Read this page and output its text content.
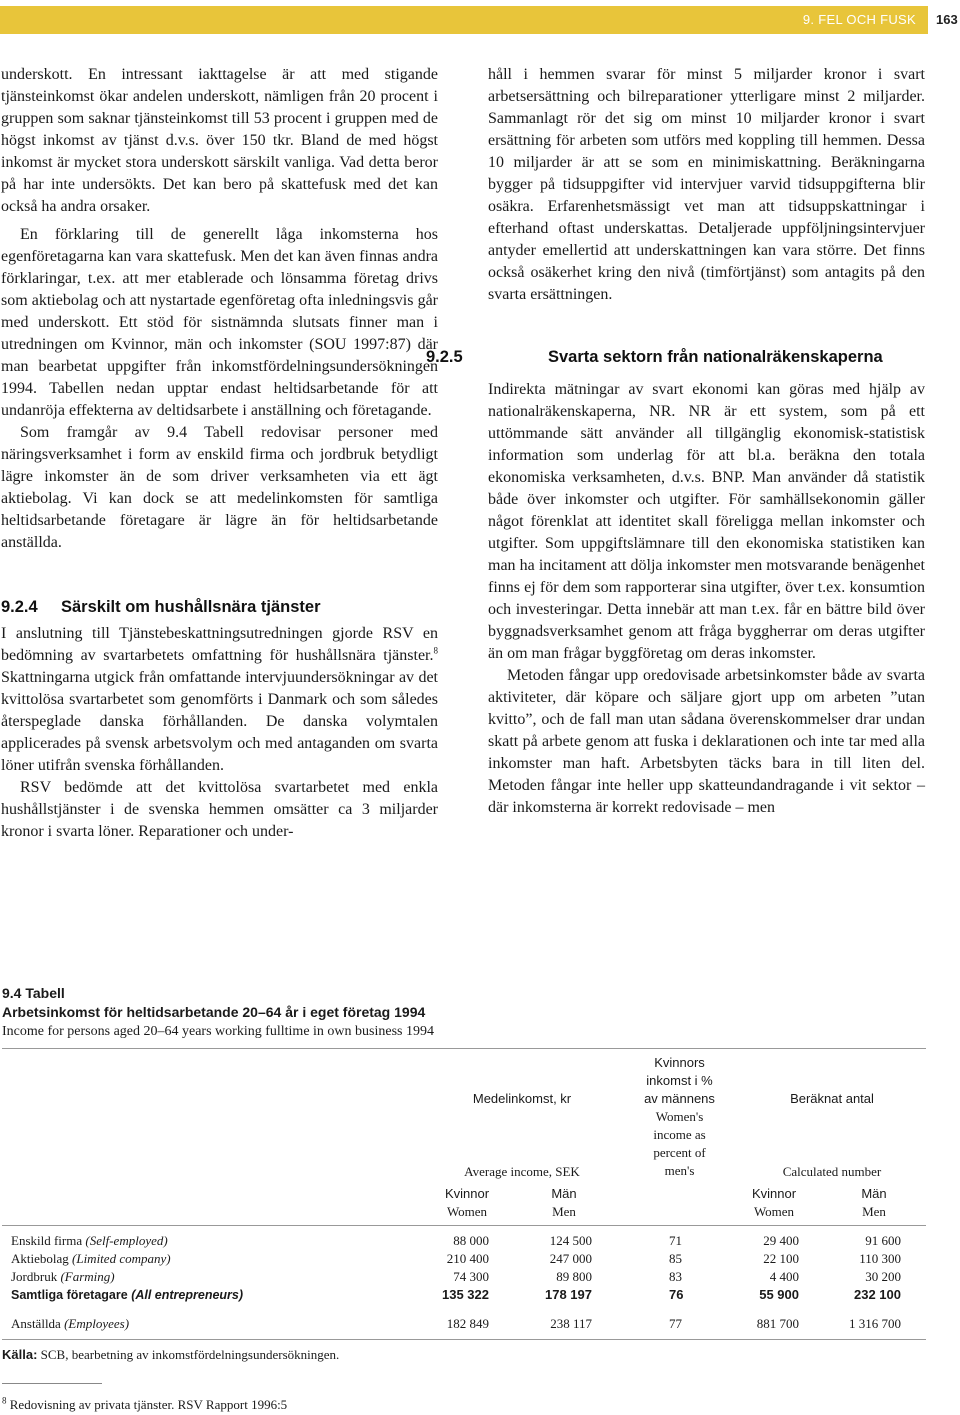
9. FEL OCH FUSK 163

underskott. En intressant iakttagelse är att med stigande tjänsteinkomst ökar andelen underskott, nämligen från 20 procent i gruppen som saknar tjänsteinkomst till 53 procent i gruppen med de högst inkomst av tjänst d.v.s. över 150 tkr. Bland de med högst inkomst är mycket stora underskott särskilt vanliga. Vad detta beror på har inte undersökts. Det kan bero på skattefusk med det kan också ha andra orsaker.

En förklaring till de generellt låga inkomsterna hos egenföretagarna kan vara skattefusk. Men det kan även finnas andra förklaringar, t.ex. att mer etablerade och lönsamma företag drivs som aktiebolag och att nystartade egenföretag ofta inledningsvis går med underskott. Ett stöd för sistnämnda slutsats finner man i utredningen om Kvinnor, män och inkomster (SOU 1997:87) där man bearbetat uppgifter från inkomstfördelningsundersökningen 1994. Tabellen nedan upptar endast heltidsarbetande för att undanröja effekterna av deltidsarbete i anställning och företagande.

Som framgår av 9.4 Tabell redovisar personer med näringsverksamhet i form av enskild firma och jordbruk betydligt lägre inkomster än de som driver verksamheten via ett ägt aktiebolag. Vi kan dock se att medelinkomsten för samtliga heltidsarbetande företagare är lägre än för heltidsarbetande anställda.

9.2.4 Särskilt om hushållsnära tjänster

I anslutning till Tjänstebeskattningsutredningen gjorde RSV en bedömning av svartarbetets omfattning för hushållsnära tjänster.$^8$ Skattningarna utgick från omfattande intervjuundersökningar av det kvittolösa svartarbetet som genomförts i Danmark och som således återspeglade danska förhållanden. De danska volymtalen applicerades på svensk arbetsvolym och med antaganden om svarta löner utifrån svenska förhållanden.

RSV bedömde att det kvittolösa svartarbetet med enkla hushållstjänster i de svenska hemmen omsätter ca 3 miljarder kronor i svarta löner. Reparationer och under-

håll i hemmen svarar för minst 5 miljarder kronor i svart arbetsersättning och bilreparationer ytterligare minst 2 miljarder. Sammanlagt rör det sig om minst 10 miljarder kronor i svart ersättning för arbeten som utförs med koppling till hemmen. Dessa 10 miljarder är att se som en minimiskattning. Beräkningarna bygger på tidsuppgifter vid intervjuer varvid tidsuppgifterna blir osäkra. Erfarenhetsmässigt vet man att tidsuppskattningar i efterhand oftast underskattas. Detaljerade uppföljningsintervjuer antyder emellertid att underskattningen kan vara större. Det finns också osäkerhet kring den nivå (timförtjänst) som antagits på den svarta ersättningen.

9.2.5	Svarta sektorn från nationalräkenskaperna

Indirekta mätningar av svart ekonomi kan göras med hjälp av nationalräkenskaperna, NR. NR är ett system, som på ett uttömmande sätt använder all tillgänglig ekonomisk-statistisk information som underlag för att bl.a. beräkna den totala ekonomiska verksamheten, d.v.s. BNP. Man använder då statistik både över inkomster och utgifter. För samhällsekonomin gäller något förenklat att identitet skall föreligga mellan inkomster och utgifter. Som uppgiftslämnare till den ekonomiska statistiken kan man ha incitament att dölja inkomster men motsvarande benägenhet finns ej för dem som rapporterar sina utgifter, över t.ex. konsumtion och investeringar. Detta innebär att man t.ex. får en bättre bild över byggnadsverksamhet genom att fråga byggherrar om deras utgifter än om man frågar byggföretag om deras inkomster.

Metoden fångar upp oredovisade arbetsinkomster både av svarta aktiviteter, där köpare och säljare gjort upp om arbeten ”utan kvitto”, och de fall man utan sådana överenskommelser drar undan skatt på arbete genom att fuska i deklarationen och inte tar med alla inkomster man haft. Arbetsbyten täcks bara in till liten del. Metoden fångar inte heller upp skatteundandragande i vit sektor – där inkomsterna är korrekt redovisade – men

9.4 Tabell
Arbetsinkomst för heltidsarbetande 20–64 år i eget företag 1994
Income for persons aged 20–64 years working fulltime in own business 1994
Medelinkomst, kr
Kvinnors
inkomst i %
av männens
Women's
income as
percent of
men's
Beräknat antal
Average income, SEK	Calculated number
Kvinnor	Män	Kvinnor	Män
Women	Men	Women	Men
Enskild firma (Self-employed)	88 000	124 500	71	29 400	91 600
Aktiebolag (Limited company)	210 400	247 000	85	22 100	110 300
Jordbruk (Farming)	74 300	89 800	83	4 400	30 200
Samtliga företagare (All entrepreneurs)	135 322	178 197	76	55 900	232 100
Anställda (Employees)	182 849	238 117	77	881 700	1 316 700
Källa: SCB, bearbetning av inkomstfördelningsundersökningen.
$^8$ Redovisning av privata tjänster. RSV Rapport 1996:5
